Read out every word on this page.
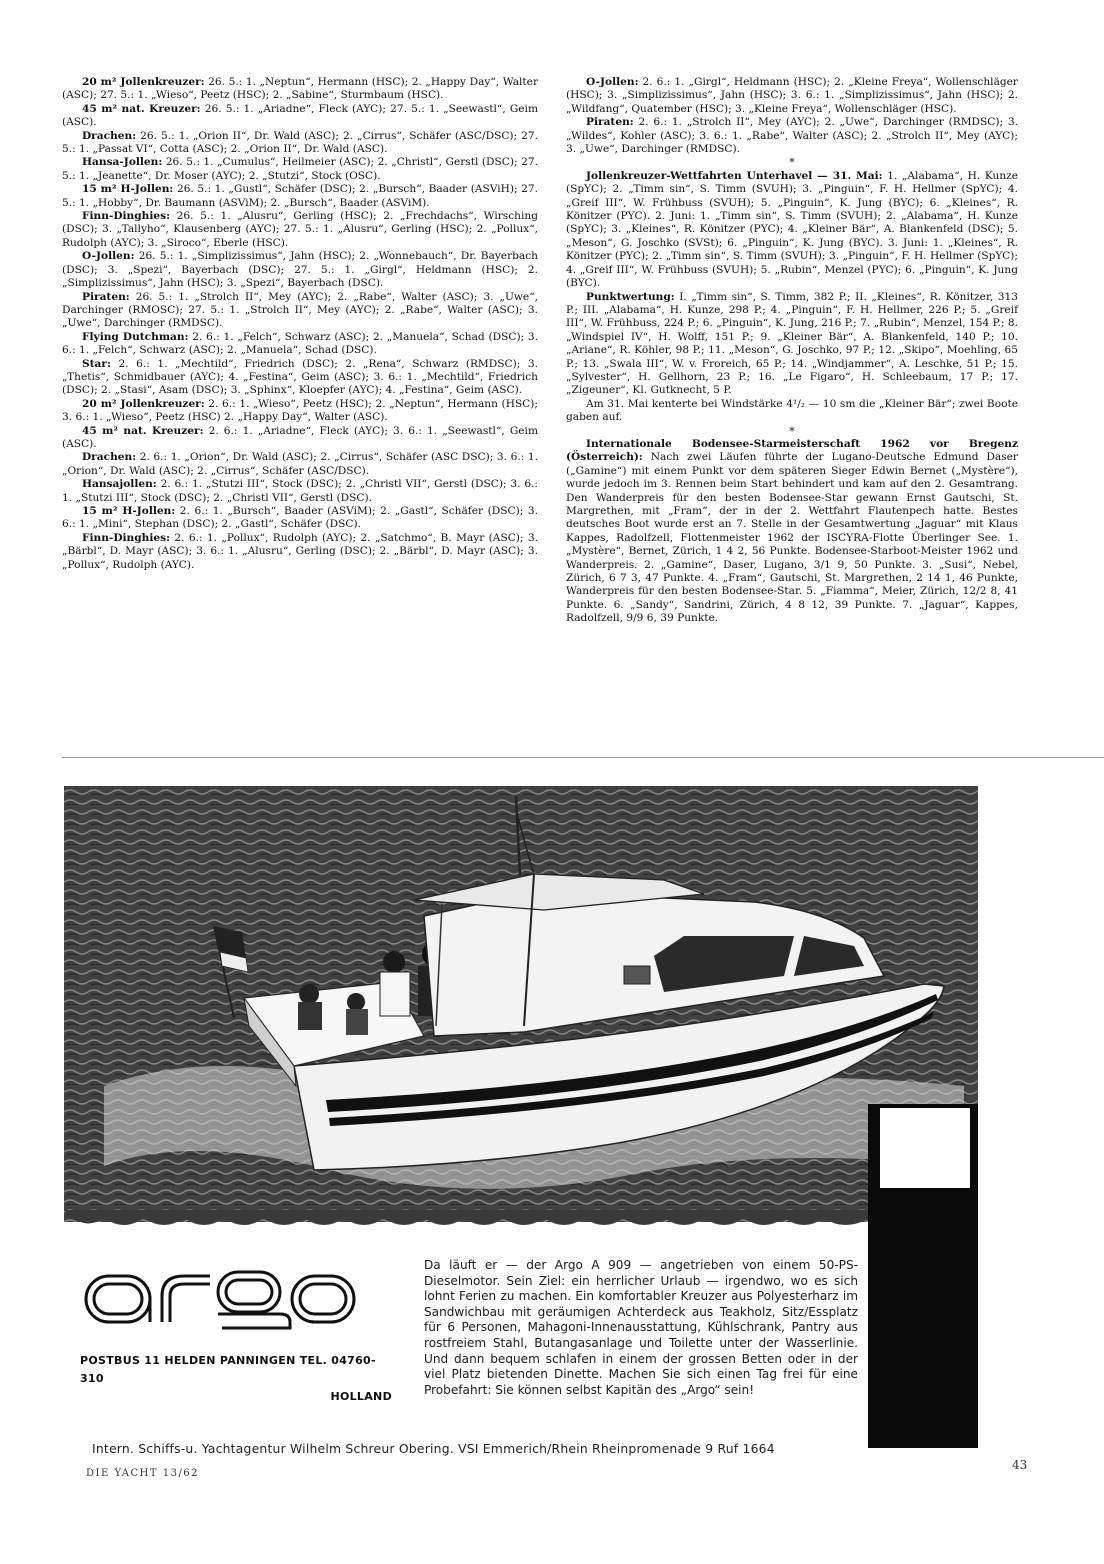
20 m² Jollenkreuzer: 26. 5.: 1. „Neptun“, Hermann (HSC); 2. „Happy Day“, Walter (ASC); 27. 5.: 1. „Wieso“, Peetz (HSC); 2. „Sabine“, Sturmbaum (HSC).

45 m² nat. Kreuzer: 26. 5.: 1. „Ariadne“, Fleck (AYC); 27. 5.: 1. „Seewastl“, Geim (ASC).

Drachen: 26. 5.: 1. „Orion II“, Dr. Wald (ASC); 2. „Cirrus“, Schäfer (ASC/DSC); 27. 5.: 1. „Passat VI“, Cotta (ASC); 2. „Orion II“, Dr. Wald (ASC).

Hansa-Jollen: 26. 5.: 1. „Cumulus“, Heilmeier (ASC); 2. „Christl“, Gerstl (DSC); 27. 5.: 1. „Jeanette“, Dr. Moser (AYC); 2. „Stutzi“, Stock (OSC).

15 m² H-Jollen: 26. 5.: 1. „Gustl“, Schäfer (DSC); 2. „Bursch“, Baader (ASViH); 27. 5.: 1. „Hobby“, Dr. Baumann (ASViM); 2. „Bursch“, Baader (ASViM).

Finn-Dinghies: 26. 5.: 1. „Alusru“, Gerling (HSC); 2. „Frechdachs“, Wirsching (DSC); 3. „Tallyho“, Klausenberg (AYC); 27. 5.: 1. „Alusru“, Gerling (HSC); 2. „Pollux“, Rudolph (AYC); 3. „Siroco“, Eberle (HSC).

O-Jollen: 26. 5.: 1. „Simplizissimus“, Jahn (HSC); 2. „Wonnebauch“, Dr. Bayerbach (DSC); 3. „Spezi“, Bayerbach (DSC); 27. 5.: 1. „Girgl“, Heldmann (HSC); 2. „Simplizissimus“, Jahn (HSC); 3. „Spezi“, Bayerbach (DSC).

Piraten: 26. 5.: 1. „Strolch II“, Mey (AYC); 2. „Rabe“, Walter (ASC); 3. „Uwe“, Darchinger (RMOSC); 27. 5.: 1. „Strolch II“, Mey (AYC); 2. „Rabe“, Walter (ASC); 3. „Uwe“, Darchinger (RMDSC).

Flying Dutchman: 2. 6.: 1. „Felch“, Schwarz (ASC); 2. „Manuela“, Schad (DSC); 3. 6.: 1. „Felch“, Schwarz (ASC); 2. „Manuela“, Schad (DSC).

Star: 2. 6.: 1. „Mechtild“, Friedrich (DSC); 2. „Rena“, Schwarz (RMDSC); 3. „Thetis“, Schmidbauer (AYC); 4. „Festina“, Geim (ASC); 3. 6.: 1. „Mechtild“, Friedrich (DSC); 2. „Stasi“, Asam (DSC); 3. „Sphinx“, Kloepfer (AYC); 4. „Festina“, Geim (ASC).

20 m² Jollenkreuzer: 2. 6.: 1. „Wieso“, Peetz (HSC); 2. „Neptun“, Hermann (HSC); 3. 6.: 1. „Wieso“, Peetz (HSC) 2. „Happy Day“, Walter (ASC).

45 m² nat. Kreuzer: 2. 6.: 1. „Ariadne“, Fleck (AYC); 3. 6.: 1. „Seewastl“, Geim (ASC).

Drachen: 2. 6.: 1. „Orion“, Dr. Wald (ASC); 2. „Cirrus“, Schäfer (ASC DSC); 3. 6.: 1. „Orion“, Dr. Wald (ASC); 2. „Cirrus“, Schäfer (ASC/DSC).

Hansajollen: 2. 6.: 1. „Stutzi III“, Stock (DSC); 2. „Christl VII“, Gerstl (DSC); 3. 6.: 1. „Stutzi III“, Stock (DSC); 2. „Christl VII“, Gerstl (DSC).

15 m² H-Jollen: 2. 6.: 1. „Bursch“, Baader (ASViM); 2. „Gastl“, Schäfer (DSC); 3. 6.: 1. „Mini“, Stephan (DSC); 2. „Gastl“, Schäfer (DSC).

Finn-Dinghies: 2. 6.: 1. „Pollux“, Rudolph (AYC); 2. „Satchmo“, B. Mayr (ASC); 3. „Bärbl“, D. Mayr (ASC); 3. 6.: 1. „Alusru“, Gerling (DSC); 2. „Bärbl“, D. Mayr (ASC); 3. „Pollux“, Rudolph (AYC).

O-Jollen: 2. 6.: 1. „Girgl“, Heldmann (HSC); 2. „Kleine Freya“, Wollenschläger (HSC); 3. „Simplizissimus“, Jahn (HSC); 3. 6.: 1. „Simplizissimus“, Jahn (HSC); 2. „Wildfang“, Quatember (HSC); 3. „Kleine Freya“, Wollenschläger (HSC).

Piraten: 2. 6.: 1. „Strolch II“, Mey (AYC); 2. „Uwe“, Darchinger (RMDSC); 3. „Wildes“, Kohler (ASC); 3. 6.: 1. „Rabe“, Walter (ASC); 2. „Strolch II“, Mey (AYC); 3. „Uwe“, Darchinger (RMDSC).

*

Jollenkreuzer-Wettfahrten Unterhavel — 31. Mai: 1. „Alabama“, H. Kunze (SpYC); 2. „Timm sin“, S. Timm (SVUH); 3. „Pinguin“, F. H. Hellmer (SpYC); 4. „Greif III“, W. Frühbuss (SVUH); 5. „Pinguin“, K. Jung (BYC); 6. „Kleines“, R. Könitzer (PYC). 2. Juni: 1. „Timm sin“, S. Timm (SVUH); 2. „Alabama“, H. Kunze (SpYC); 3. „Kleines“, R. Könitzer (PYC); 4. „Kleiner Bär“, A. Blankenfeld (DSC); 5. „Meson“, G. Joschko (SVSt); 6. „Pinguin“, K. Jung (BYC). 3. Juni: 1. „Kleines“, R. Könitzer (PYC); 2. „Timm sin“, S. Timm (SVUH); 3. „Pinguin“, F. H. Hellmer (SpYC); 4. „Greif III“, W. Frühbuss (SVUH); 5. „Rubin“, Menzel (PYC); 6. „Pinguin“, K. Jung (BYC).

Punktwertung: I. „Timm sin“, S. Timm, 382 P.; II. „Kleines“, R. Könitzer, 313 P.; III. „Alabama“, H. Kunze, 298 P.; 4. „Pinguin“, F. H. Hellmer, 226 P.; 5. „Greif III“, W. Frühbuss, 224 P.; 6. „Pinguin“, K. Jung, 216 P.; 7. „Rubin“, Menzel, 154 P.; 8. „Windspiel IV“, H. Wolff, 151 P.; 9. „Kleiner Bär“, A. Blankenfeld, 140 P.; 10. „Ariane“, R. Köhler, 98 P.; 11. „Meson“, G. Joschko, 97 P.; 12. „Skipo“, Moehling, 65 P.; 13. „Swala III“, W. v. Froreich, 65 P.; 14. „Windjammer“, A. Leschke, 51 P.; 15. „Sylvester“, H. Gellhorn, 23 P.; 16. „Le Figaro“, H. Schleebaum, 17 P.; 17. „Zigeuner“, Kl. Gutknecht, 5 P.

Am 31. Mai kenterte bei Windstärke 4¹/₂ — 10 sm die „Kleiner Bär“; zwei Boote gaben auf.

*

Internationale Bodensee-Starmeisterschaft 1962 vor Bregenz (Österreich): Nach zwei Läufen führte der Lugano-Deutsche Edmund Daser („Gamine“) mit einem Punkt vor dem späteren Sieger Edwin Bernet („Mystère“), wurde jedoch im 3. Rennen beim Start behindert und kam auf den 2. Gesamtrang. Den Wanderpreis für den besten Bodensee-Star gewann Ernst Gautschi, St. Margrethen, mit „Fram“, der in der 2. Wettfahrt Flautenpech hatte. Bestes deutsches Boot wurde erst an 7. Stelle in der Gesamtwertung „Jaguar“ mit Klaus Kappes, Radolfzell, Flottenmeister 1962 der ISCYRA-Flotte Überlinger See. 1. „Mystère“, Bernet, Zürich, 1 4 2, 56 Punkte. Bodensee-Starboot-Meister 1962 und Wanderpreis. 2. „Gamine“, Daser, Lugano, 3/1 9, 50 Punkte. 3. „Susi“, Nebel, Zürich, 6 7 3, 47 Punkte. 4. „Fram“, Gautschi, St. Margrethen, 2 14 1, 46 Punkte, Wanderpreis für den besten Bodensee-Star. 5. „Fiamma“, Meier, Zürich, 12/2 8, 41 Punkte. 6. „Sandy“, Sandrini, Zürich, 4 8 12, 39 Punkte. 7. „Jaguar“, Kappes, Radolfzell, 9/9 6, 39 Punkte.

POSTBUS 11 HELDEN PANNINGEN TEL. 04760-310
HOLLAND
Da läuft er — der Argo A 909 — angetrieben von einem 50-PS-Dieselmotor. Sein Ziel: ein herrlicher Urlaub — irgendwo, wo es sich lohnt Ferien zu machen. Ein komfortabler Kreuzer aus Polyesterharz im Sandwichbau mit geräumigen Achterdeck aus Teakholz, Sitz/Essplatz für 6 Personen, Mahagoni-Innenausstattung, Kühlschrank, Pantry aus rostfreiem Stahl, Butangasanlage und Toilette unter der Wasserlinie. Und dann bequem schlafen in einem der grossen Betten oder in der viel Platz bietenden Dinette. Machen Sie sich einen Tag frei für eine Probefahrt: Sie können selbst Kapitän des „Argo“ sein!
Intern. Schiffs-u. Yachtagentur Wilhelm Schreur Obering. VSI Emmerich/Rhein Rheinpromenade 9 Ruf 1664
DIE YACHT 13/62
43
